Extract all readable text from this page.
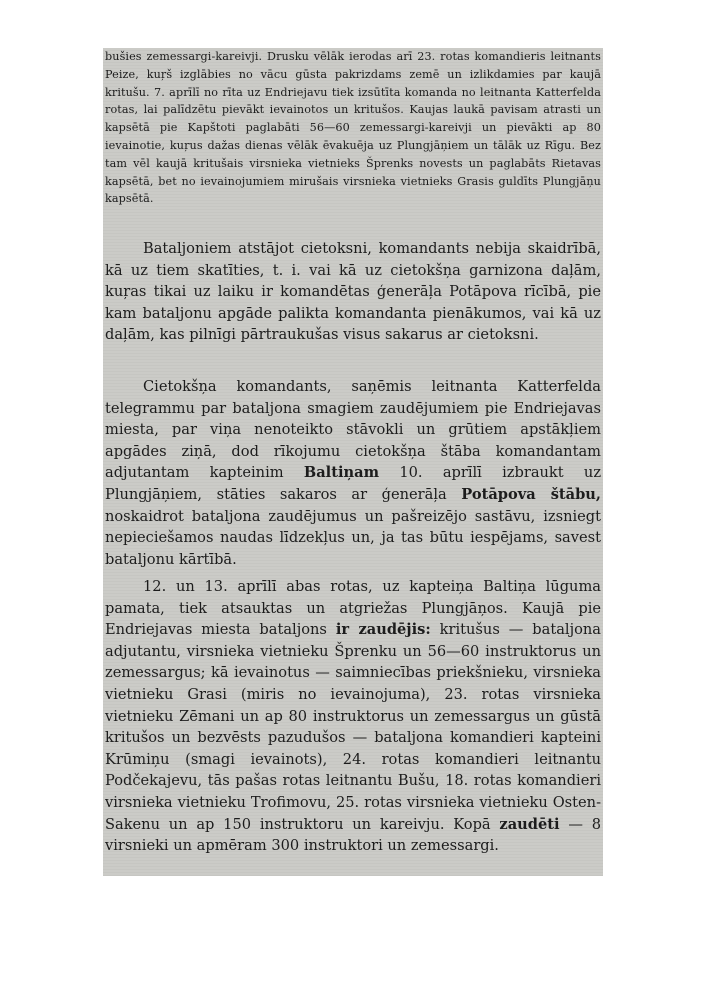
bušies zemessargi-kareivji. Drusku vēlāk ierodas arī 23. rotas komandieris leitnants Peize, kuŗš izglābies no vācu gūsta pakrizdams zemē un izlikdamies par kaujā kritušu. 7. aprīlī no rīta uz Endriejavu tiek izsūtīta komanda no leitnanta Katterfelda rotas, lai palīdzētu pievākt ievainotos un kritušos. Kaujas laukā pavisam atrasti un kapsētā pie Kapštoti paglabāti 56—60 zemessargi-kareivji un pievākti ap 80 ievainotie, kuŗus dažas dienas vēlāk ēvakuēja uz Plungjāņiem un tālāk uz Rīgu. Bez tam vēl kaujā kritušais virsnieka vietnieks Šprenks novests un paglabāts Rietavas kapsētā, bet no ievainojumiem mirušais virsnieka vietnieks Grasis guldīts Plungjāņu kapsētā.

Bataljoniem atstājot cietoksni, komandants nebija skaidrībā, kā uz tiem skatīties, t. i. vai kā uz cietokšņa garnizona daļām, kuŗas tikai uz laiku ir komandētas ģenerāļa Potāpova rīcībā, pie kam bataljonu apgāde palikta komandanta pienākumos, vai kā uz daļām, kas pilnīgi pārtraukušas visus sakarus ar cietoksni.

Cietokšņa komandants, saņēmis leitnanta Katterfelda telegrammu par bataljona smagiem zaudējumiem pie Endriejavas miesta, par viņa nenoteikto stāvokli un grūtiem apstākļiem apgādes ziņā, dod rīkojumu cietokšņa štāba komandantam adjutantam kapteinim Baltiņam 10. aprīlī izbraukt uz Plungjāņiem, stāties sakaros ar ģenerāļa Potāpova štābu, noskaidrot bataljona zaudējumus un pašreizējo sastāvu, izsniegt nepieciešamos naudas līdzekļus un, ja tas būtu iespējams, savest bataljonu kārtībā.

12. un 13. aprīlī abas rotas, uz kapteiņa Baltiņa lūguma pamata, tiek atsauktas un atgriežas Plungjāņos. Kaujā pie Endriejavas miesta bataljons ir zaudējis: kritušus — bataljona adjutantu, virsnieka vietnieku Šprenku un 56—60 instruktorus un zemessargus; kā ievainotus — saimniecības priekšnieku, virsnieka vietnieku Grasi (miris no ievainojuma), 23. rotas virsnieka vietnieku Zēmani un ap 80 instruktorus un zemessargus un gūstā kritušos un bezvēsts pazudušos — bataljona komandieri kapteini Krūmiņu (smagi ievainots), 24. rotas komandieri leitnantu Podčekajevu, tās pašas rotas leitnantu Bušu, 18. rotas komandieri virsnieka vietnieku Trofimovu, 25. rotas virsnieka vietnieku Osten-Sakenu un ap 150 instruktoru un kareivju. Kopā zaudēti — 8 virsnieki un apmēram 300 instruktori un zemessargi.
